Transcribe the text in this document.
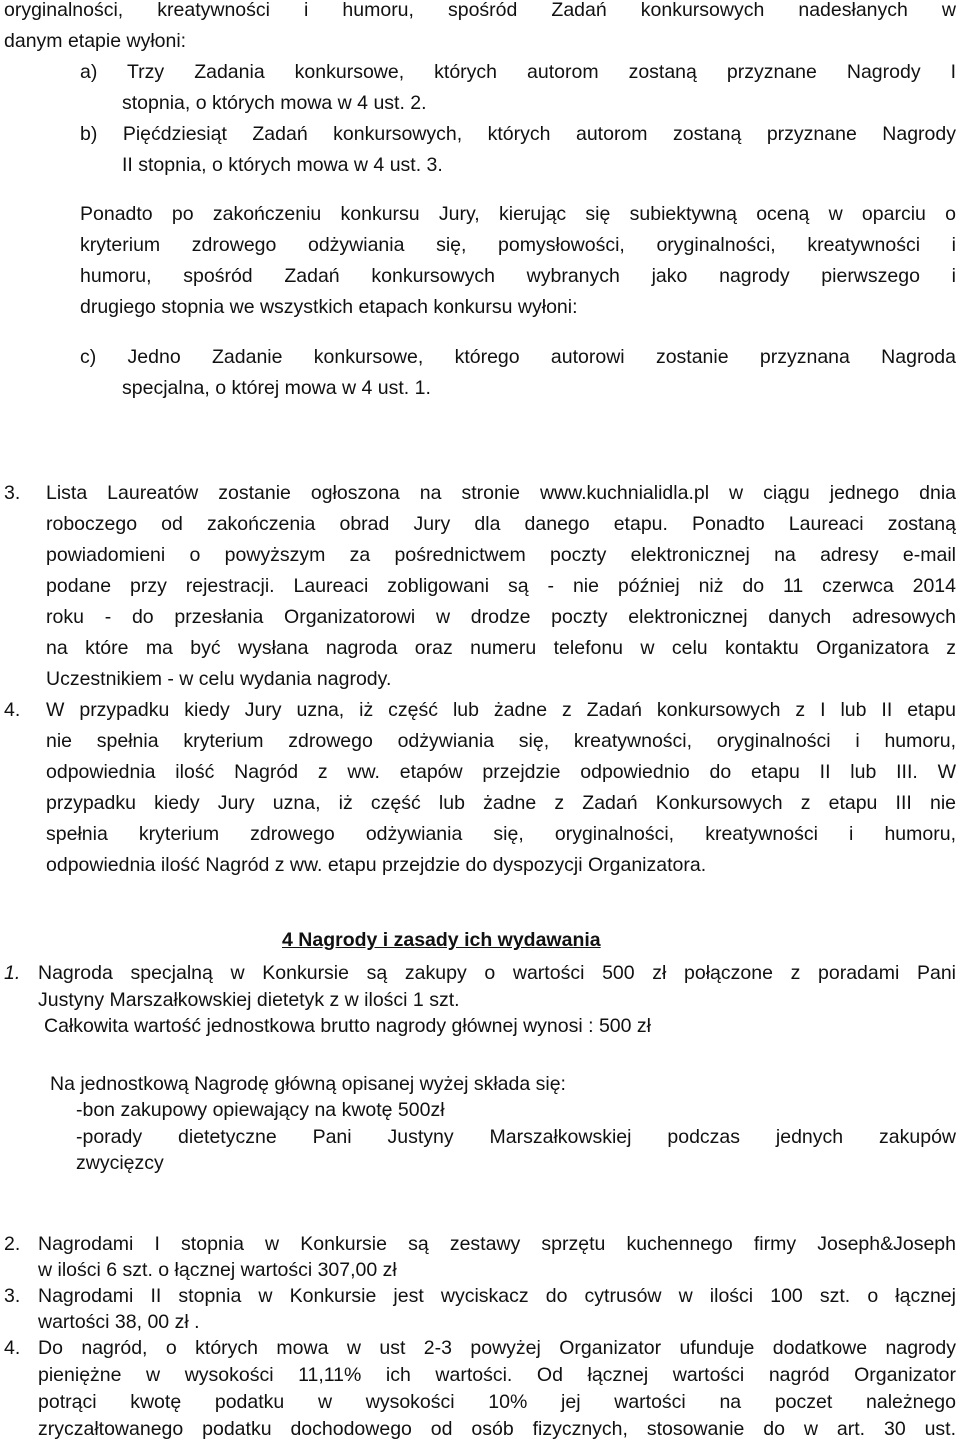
oryginalności, kreatywności i humoru, spośród Zadań konkursowych nadesłanych w
danym etapie wyłoni:
a) Trzy Zadania konkursowe, których autorom zostaną przyznane Nagrody I
stopnia, o których mowa w 4 ust. 2.
b) Pięćdziesiąt Zadań konkursowych, których autorom zostaną przyznane Nagrody
II stopnia, o których mowa w 4 ust. 3.
Ponadto po zakończeniu konkursu Jury, kierując się subiektywną oceną w oparciu o
kryterium zdrowego odżywiania się, pomysłowości, oryginalności, kreatywności i
humoru, spośród Zadań konkursowych wybranych jako nagrody pierwszego i
drugiego stopnia we wszystkich etapach konkursu wyłoni:
c) Jedno Zadanie konkursowe, którego autorowi zostanie przyznana Nagroda
specjalna, o której mowa w 4 ust. 1.
3. Lista Laureatów zostanie ogłoszona na stronie www.kuchnialidla.pl w ciągu jednego dnia
roboczego od zakończenia obrad Jury dla danego etapu. Ponadto Laureaci zostaną
powiadomieni o powyższym za pośrednictwem poczty elektronicznej na adresy e-mail
podane przy rejestracji. Laureaci zobligowani są - nie później niż do 11 czerwca 2014
roku - do przesłania Organizatorowi w drodze poczty elektronicznej danych adresowych
na które ma być wysłana nagroda oraz numeru telefonu w celu kontaktu Organizatora z
Uczestnikiem - w celu wydania nagrody.
4. W przypadku kiedy Jury uzna, iż część lub żadne z Zadań konkursowych z I lub II etapu
nie spełnia kryterium zdrowego odżywiania się, kreatywności, oryginalności i humoru,
odpowiednia ilość Nagród z ww. etapów przejdzie odpowiednio do etapu II lub III. W
przypadku kiedy Jury uzna, iż część lub żadne z Zadań Konkursowych z etapu III nie
spełnia kryterium zdrowego odżywiania się, oryginalności, kreatywności i humoru,
odpowiednia ilość Nagród z ww. etapu przejdzie do dyspozycji Organizatora.
4 Nagrody i zasady ich wydawania
1. Nagroda specjalną w Konkursie są zakupy o wartości 500 zł połączone z poradami Pani
Justyny Marszałkowskiej dietetyk z w ilości 1 szt.
Całkowita wartość jednostkowa brutto nagrody głównej wynosi : 500 zł
Na jednostkową Nagrodę główną opisanej wyżej składa się:
-bon zakupowy opiewający na kwotę 500zł
-porady dietetyczne Pani Justyny Marszałkowskiej podczas jednych zakupów
zwycięzcy
2. Nagrodami I stopnia w Konkursie są zestawy sprzętu kuchennego firmy Joseph&Joseph
w ilości 6 szt. o łącznej wartości 307,00 zł
3. Nagrodami II stopnia w Konkursie jest wyciskacz do cytrusów w ilości 100 szt. o łącznej
wartości 38, 00 zł .
4. Do nagród, o których mowa w ust 2-3 powyżej Organizator ufunduje dodatkowe nagrody
pieniężne w wysokości 11,11% ich wartości. Od łącznej wartości nagród Organizator
potrąci kwotę podatku w wysokości 10% jej wartości na poczet należnego
zryczałtowanego podatku dochodowego od osób fizycznych, stosowanie do w art. 30 ust.
